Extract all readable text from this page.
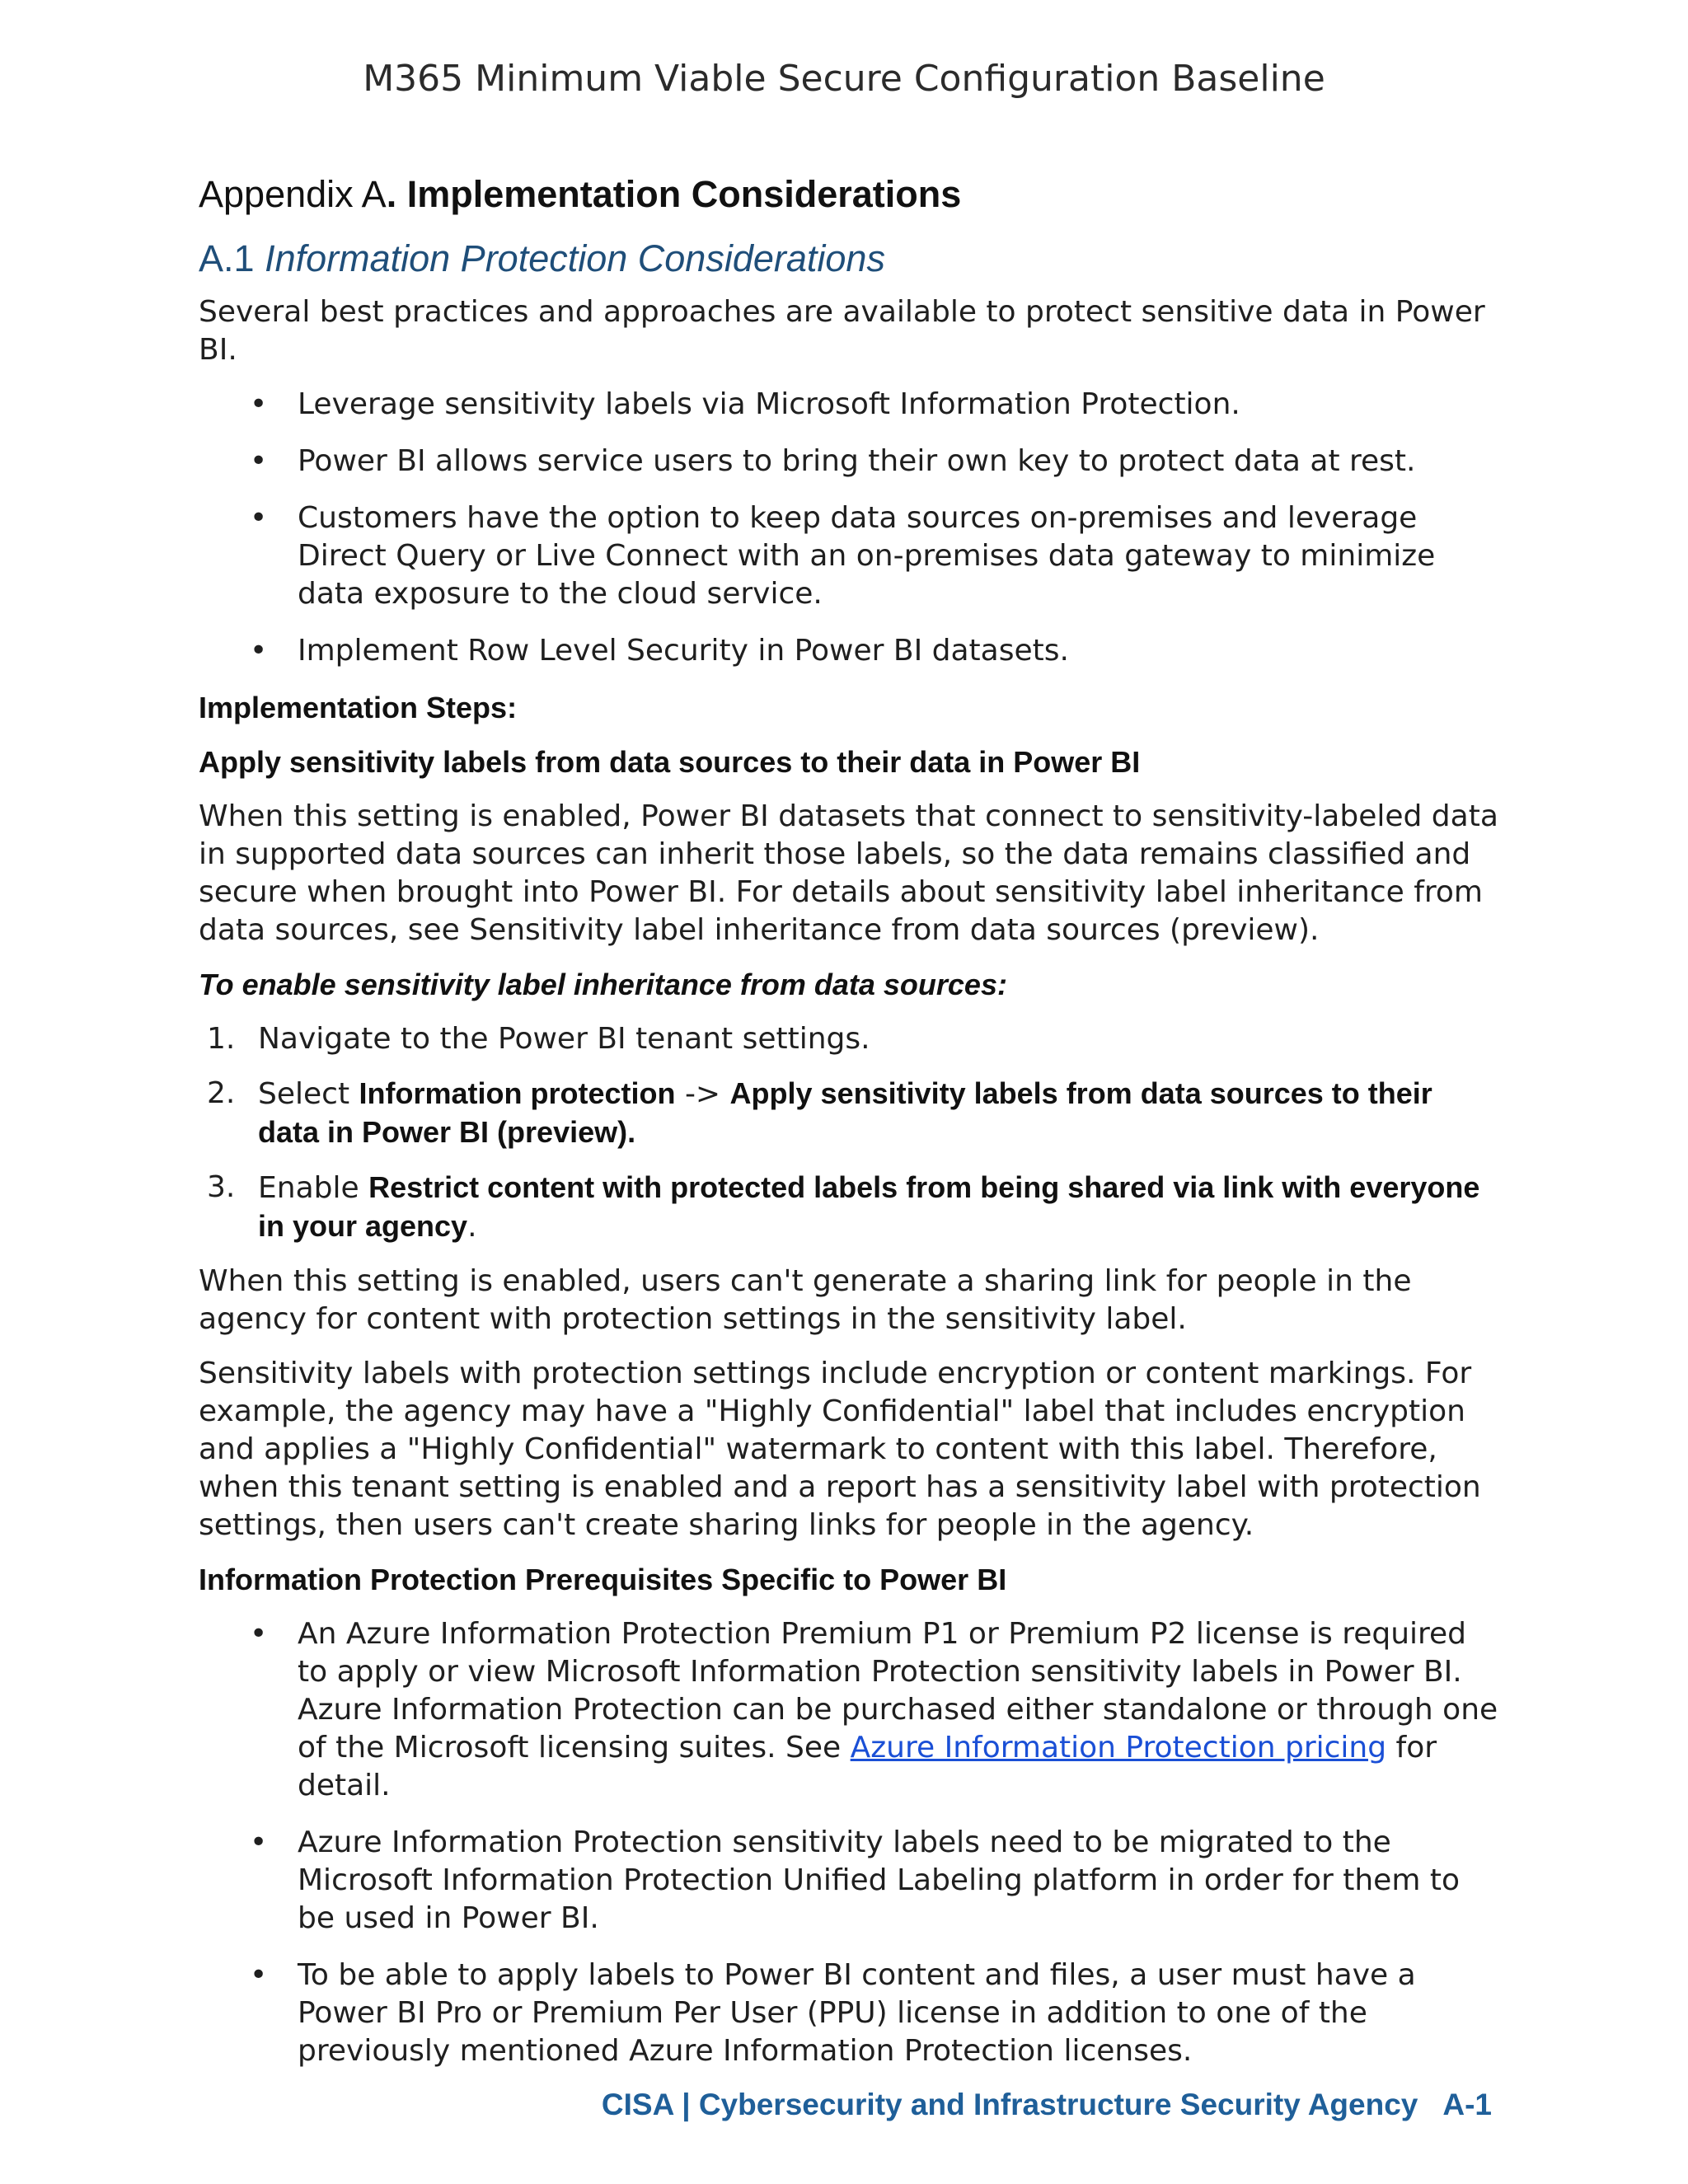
M365 Minimum Viable Secure Configuration Baseline

Appendix A. Implementation Considerations

A.1 Information Protection Considerations

Several best practices and approaches are available to protect sensitive data in Power BI.

• Leverage sensitivity labels via Microsoft Information Protection.
• Power BI allows service users to bring their own key to protect data at rest.
• Customers have the option to keep data sources on-premises and leverage Direct Query or Live Connect with an on-premises data gateway to minimize data exposure to the cloud service.
• Implement Row Level Security in Power BI datasets.

Implementation Steps:

Apply sensitivity labels from data sources to their data in Power BI

When this setting is enabled, Power BI datasets that connect to sensitivity-labeled data in supported data sources can inherit those labels, so the data remains classified and secure when brought into Power BI. For details about sensitivity label inheritance from data sources, see Sensitivity label inheritance from data sources (preview).

To enable sensitivity label inheritance from data sources:

1. Navigate to the Power BI tenant settings.
2. Select Information protection -> Apply sensitivity labels from data sources to their data in Power BI (preview).
3. Enable Restrict content with protected labels from being shared via link with everyone in your agency.

When this setting is enabled, users can't generate a sharing link for people in the agency for content with protection settings in the sensitivity label.

Sensitivity labels with protection settings include encryption or content markings. For example, the agency may have a "Highly Confidential" label that includes encryption and applies a "Highly Confidential" watermark to content with this label. Therefore, when this tenant setting is enabled and a report has a sensitivity label with protection settings, then users can't create sharing links for people in the agency.

Information Protection Prerequisites Specific to Power BI

• An Azure Information Protection Premium P1 or Premium P2 license is required to apply or view Microsoft Information Protection sensitivity labels in Power BI. Azure Information Protection can be purchased either standalone or through one of the Microsoft licensing suites. See Azure Information Protection pricing for detail.
• Azure Information Protection sensitivity labels need to be migrated to the Microsoft Information Protection Unified Labeling platform in order for them to be used in Power BI.
• To be able to apply labels to Power BI content and files, a user must have a Power BI Pro or Premium Per User (PPU) license in addition to one of the previously mentioned Azure Information Protection licenses.
CISA | Cybersecurity and Infrastructure Security Agency A-1
